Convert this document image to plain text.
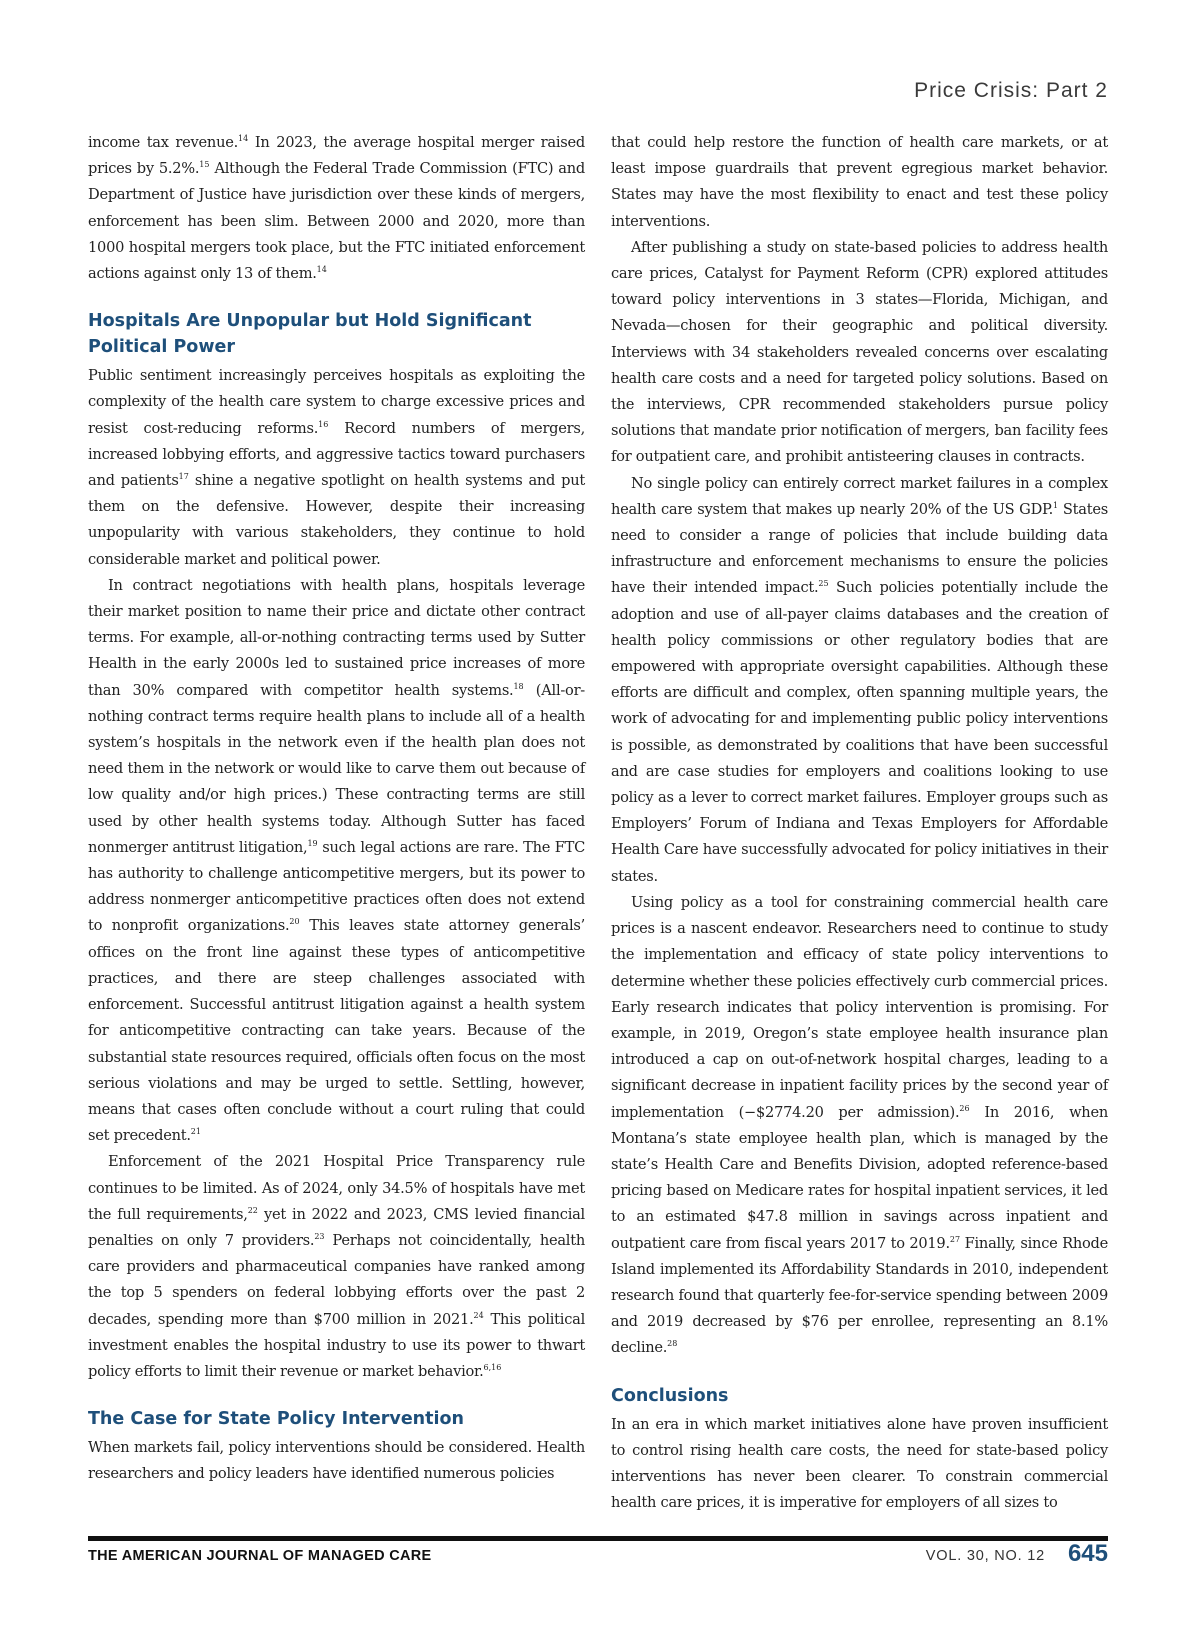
Price Crisis: Part 2

income tax revenue.$^{14}$ In 2023, the average hospital merger raised prices by 5.2%.$^{15}$ Although the Federal Trade Commission (FTC) and Department of Justice have jurisdiction over these kinds of mergers, enforcement has been slim. Between 2000 and 2020, more than 1000 hospital mergers took place, but the FTC initiated enforcement actions against only 13 of them.$^{14}$

Hospitals Are Unpopular but Hold Significant Political Power

Public sentiment increasingly perceives hospitals as exploiting the complexity of the health care system to charge excessive prices and resist cost-reducing reforms.$^{16}$ Record numbers of mergers, increased lobbying efforts, and aggressive tactics toward purchasers and patients$^{17}$ shine a negative spotlight on health systems and put them on the defensive. However, despite their increasing unpopularity with various stakeholders, they continue to hold considerable market and political power.

In contract negotiations with health plans, hospitals leverage their market position to name their price and dictate other contract terms. For example, all-or-nothing contracting terms used by Sutter Health in the early 2000s led to sustained price increases of more than 30% compared with competitor health systems.$^{18}$ (All-or-nothing contract terms require health plans to include all of a health system’s hospitals in the network even if the health plan does not need them in the network or would like to carve them out because of low quality and/or high prices.) These contracting terms are still used by other health systems today. Although Sutter has faced nonmerger antitrust litigation,$^{19}$ such legal actions are rare. The FTC has authority to challenge anticompetitive mergers, but its power to address nonmerger anticompetitive practices often does not extend to nonprofit organizations.$^{20}$ This leaves state attorney generals’ offices on the front line against these types of anticompetitive practices, and there are steep challenges associated with enforcement. Successful antitrust litigation against a health system for anticompetitive contracting can take years. Because of the substantial state resources required, officials often focus on the most serious violations and may be urged to settle. Settling, however, means that cases often conclude without a court ruling that could set precedent.$^{21}$

Enforcement of the 2021 Hospital Price Transparency rule continues to be limited. As of 2024, only 34.5% of hospitals have met the full requirements,$^{22}$ yet in 2022 and 2023, CMS levied financial penalties on only 7 providers.$^{23}$ Perhaps not coincidentally, health care providers and pharmaceutical companies have ranked among the top 5 spenders on federal lobbying efforts over the past 2 decades, spending more than $700 million in 2021.24 This political investment enables the hospital industry to use its power to thwart policy efforts to limit their revenue or market behavior.$^{6,16}$

The Case for State Policy Intervention

When markets fail, policy interventions should be considered. Health researchers and policy leaders have identified numerous policies

that could help restore the function of health care markets, or at least impose guardrails that prevent egregious market behavior. States may have the most flexibility to enact and test these policy interventions.

After publishing a study on state-based policies to address health care prices, Catalyst for Payment Reform (CPR) explored attitudes toward policy interventions in 3 states—Florida, Michigan, and Nevada—chosen for their geographic and political diversity. Interviews with 34 stakeholders revealed concerns over escalating health care costs and a need for targeted policy solutions. Based on the interviews, CPR recommended stakeholders pursue policy solutions that mandate prior notification of mergers, ban facility fees for outpatient care, and prohibit antisteering clauses in contracts.

No single policy can entirely correct market failures in a complex health care system that makes up nearly 20% of the US GDP.$^1$ States need to consider a range of policies that include building data infrastructure and enforcement mechanisms to ensure the policies have their intended impact.$^{25}$ Such policies potentially include the adoption and use of all-payer claims databases and the creation of health policy commissions or other regulatory bodies that are empowered with appropriate oversight capabilities. Although these efforts are difficult and complex, often spanning multiple years, the work of advocating for and implementing public policy interventions is possible, as demonstrated by coalitions that have been successful and are case studies for employers and coalitions looking to use policy as a lever to correct market failures. Employer groups such as Employers’ Forum of Indiana and Texas Employers for Affordable Health Care have successfully advocated for policy initiatives in their states.

Using policy as a tool for constraining commercial health care prices is a nascent endeavor. Researchers need to continue to study the implementation and efficacy of state policy interventions to determine whether these policies effectively curb commercial prices. Early research indicates that policy intervention is promising. For example, in 2019, Oregon’s state employee health insurance plan introduced a cap on out-of-network hospital charges, leading to a significant decrease in inpatient facility prices by the second year of implementation (−$2774.20 per admission).$^{26}$ In 2016, when Montana’s state employee health plan, which is managed by the state’s Health Care and Benefits Division, adopted reference-based pricing based on Medicare rates for hospital inpatient services, it led to an estimated $47.8 million in savings across inpatient and outpatient care from fiscal years 2017 to 2019.27 Finally, since Rhode Island implemented its Affordability Standards in 2010, independent research found that quarterly fee-for-service spending between 2009 and 2019 decreased by $76 per enrollee, representing an 8.1% decline.$^{28}$

Conclusions

In an era in which market initiatives alone have proven insufficient to control rising health care costs, the need for state-based policy interventions has never been clearer. To constrain commercial health care prices, it is imperative for employers of all sizes to

THE AMERICAN JOURNAL OF MANAGED CARE	VOL. 30, NO. 12 645
